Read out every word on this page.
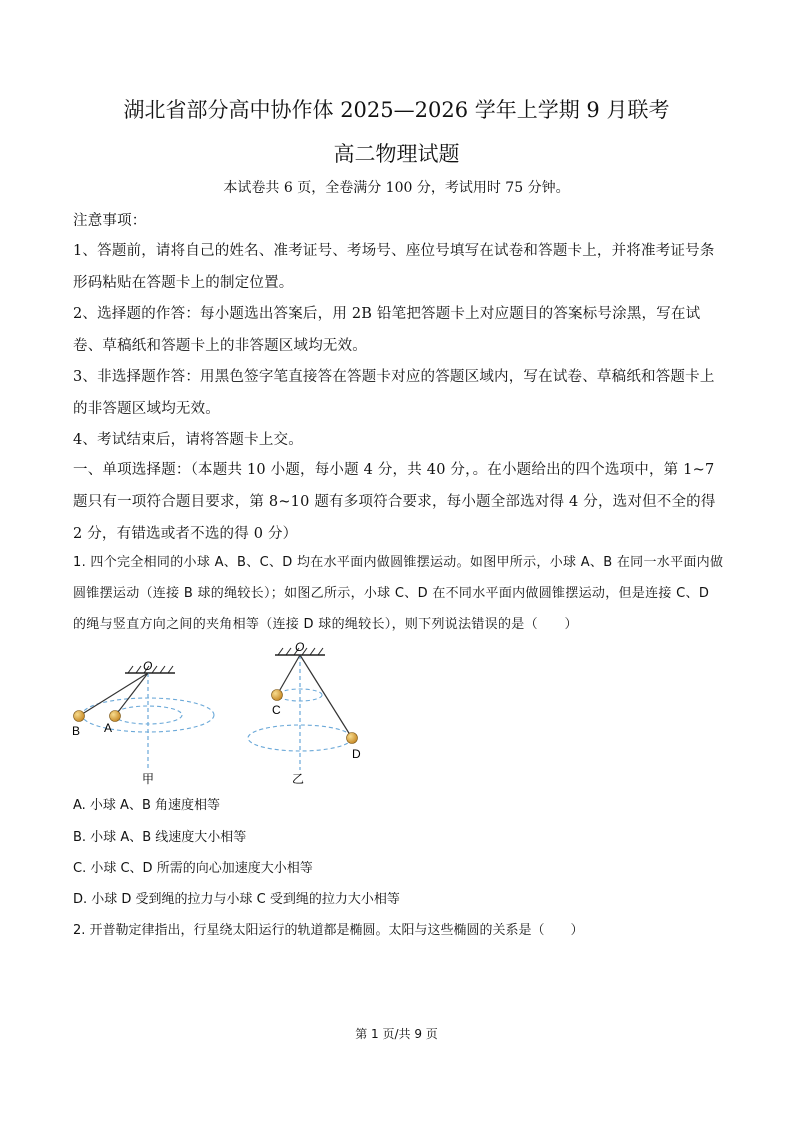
湖北省部分高中协作体 2025—2026 学年上学期 9 月联考
高二物理试题
本试卷共 6 页，全卷满分 100 分，考试用时 75 分钟。
注意事项：
1、答题前，请将自己的姓名、准考证号、考场号、座位号填写在试卷和答题卡上，并将准考证号条形码粘贴在答题卡上的制定位置。
2、选择题的作答：每小题选出答案后，用 2B 铅笔把答题卡上对应题目的答案标号涂黑，写在试卷、草稿纸和答题卡上的非答题区域均无效。
3、非选择题作答：用黑色签字笔直接答在答题卡对应的答题区域内，写在试卷、草稿纸和答题卡上的非答题区域均无效。
4、考试结束后，请将答题卡上交。
一、单项选择题：（本题共 10 小题，每小题 4 分，共 40 分，。在小题给出的四个选项中，第 1~7 题只有一项符合题目要求，第 8~10 题有多项符合要求，每小题全部选对得 4 分，选对但不全的得 2 分，有错选或者不选的得 0 分）
1. 四个完全相同的小球 A、B、C、D 均在水平面内做圆锥摆运动。如图甲所示，小球 A、B 在同一水平面内做圆锥摆运动（连接 B 球的绳较长）；如图乙所示，小球 C、D 在不同水平面内做圆锥摆运动，但是连接 C、D 的绳与竖直方向之间的夹角相等（连接 D 球的绳较长），则下列说法错误的是（　　）
O
A
B
甲
O
C
D
乙
A. 小球 A、B 角速度相等
B. 小球 A、B 线速度大小相等
C. 小球 C、D 所需的向心加速度大小相等
D. 小球 D 受到绳的拉力与小球 C 受到绳的拉力大小相等
2. 开普勒定律指出，行星绕太阳运行的轨道都是椭圆。太阳与这些椭圆的关系是（　　）
第 1 页/共 9 页
